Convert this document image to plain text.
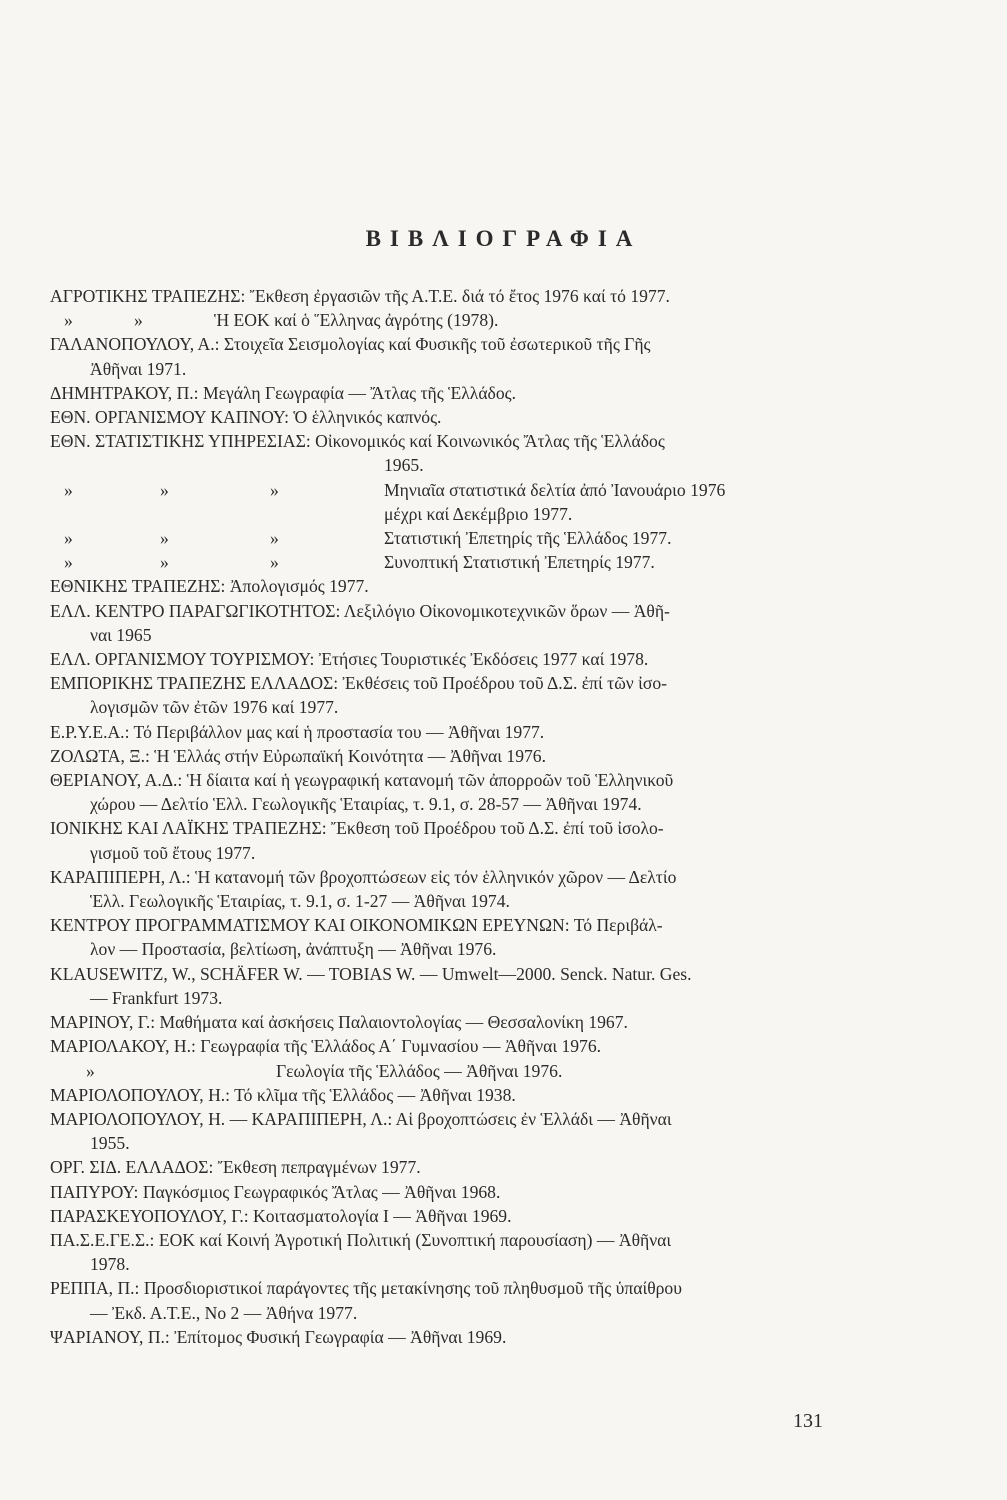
ΒΙΒΛΙΟΓΡΑΦΙΑ
ΑΓΡΟΤΙΚΗΣ ΤΡΑΠΕΖΗΣ: Ἔκθεση ἐργασιῶν τῆς Α.Τ.Ε. διά τό ἔτος 1976 καί τό 1977.
»	»	Ἡ ΕΟΚ καί ὁ Ἕλληνας ἀγρότης (1978).
ΓΑΛΑΝΟΠΟΥΛΟΥ, Α.: Στοιχεῖα Σεισμολογίας καί Φυσικῆς τοῦ ἐσωτερικοῦ τῆς Γῆς
Ἀθῆναι 1971.
ΔΗΜΗΤΡΑΚΟΥ, Π.: Μεγάλη Γεωγραφία — Ἄτλας τῆς Ἑλλάδος.
ΕΘΝ. ΟΡΓΑΝΙΣΜΟΥ ΚΑΠΝΟΥ: Ὁ ἑλληνικός καπνός.
ΕΘΝ. ΣΤΑΤΙΣΤΙΚΗΣ ΥΠΗΡΕΣΙΑΣ: Οἰκονομικός καί Κοινωνικός Ἄτλας τῆς Ἑλλάδος
1965.
»	»	»	Μηνιαῖα στατιστικά δελτία ἀπό Ἰανουάριο 1976
μέχρι καί Δεκέμβριο 1977.
»	»	»	Στατιστική Ἐπετηρίς τῆς Ἑλλάδος 1977.
»	»	»	Συνοπτική Στατιστική Ἐπετηρίς 1977.
ΕΘΝΙΚΗΣ ΤΡΑΠΕΖΗΣ: Ἀπολογισμός 1977.
ΕΛΛ. ΚΕΝΤΡΟ ΠΑΡΑΓΩΓΙΚΟΤΗΤΟΣ: Λεξιλόγιο Οἰκονομικοτεχνικῶν ὅρων — Ἀθῆ-
ναι 1965
ΕΛΛ. ΟΡΓΑΝΙΣΜΟΥ ΤΟΥΡΙΣΜΟΥ: Ἐτήσιες Τουριστικές Ἐκδόσεις 1977 καί 1978.
ΕΜΠΟΡΙΚΗΣ ΤΡΑΠΕΖΗΣ ΕΛΛΑΔΟΣ: Ἐκθέσεις τοῦ Προέδρου τοῦ Δ.Σ. ἐπί τῶν ἰσο-
λογισμῶν τῶν ἐτῶν 1976 καί 1977.
Ε.Ρ.Υ.Ε.Α.: Τό Περιβάλλον μας καί ἡ προστασία του — Ἀθῆναι 1977.
ΖΟΛΩΤΑ, Ξ.: Ἡ Ἑλλάς στήν Εὐρωπαϊκή Κοινότητα — Ἀθῆναι 1976.
ΘΕΡΙΑΝΟΥ, Α.Δ.: Ἡ δίαιτα καί ἡ γεωγραφική κατανομή τῶν ἀπορροῶν τοῦ Ἑλληνικοῦ
χώρου — Δελτίο Ἑλλ. Γεωλογικῆς Ἑταιρίας, τ. 9.1, σ. 28-57 — Ἀθῆναι 1974.
ΙΟΝΙΚΗΣ ΚΑΙ ΛΑΪΚΗΣ ΤΡΑΠΕΖΗΣ: Ἔκθεση τοῦ Προέδρου τοῦ Δ.Σ. ἐπί τοῦ ἰσολο-
γισμοῦ τοῦ ἔτους 1977.
ΚΑΡΑΠΙΠΕΡΗ, Λ.: Ἡ κατανομή τῶν βροχοπτώσεων εἰς τόν ἑλληνικόν χῶρον — Δελτίο
Ἑλλ. Γεωλογικῆς Ἑταιρίας, τ. 9.1, σ. 1-27 — Ἀθῆναι 1974.
ΚΕΝΤΡΟΥ ΠΡΟΓΡΑΜΜΑΤΙΣΜΟΥ ΚΑΙ ΟΙΚΟΝΟΜΙΚΩΝ ΕΡΕΥΝΩΝ: Τό Περιβάλ-
λον — Προστασία, βελτίωση, ἀνάπτυξη — Ἀθῆναι 1976.
KLAUSEWITZ, W., SCHÄFER W. — TOBIAS W. — Umwelt—2000. Senck. Natur. Ges.
— Frankfurt 1973.
ΜΑΡΙΝΟΥ, Γ.: Μαθήματα καί ἀσκήσεις Παλαιοντολογίας — Θεσσαλονίκη 1967.
ΜΑΡΙΟΛΑΚΟΥ, Η.: Γεωγραφία τῆς Ἑλλάδος Α΄ Γυμνασίου — Ἀθῆναι 1976.
»	Γεωλογία τῆς Ἑλλάδος — Ἀθῆναι 1976.
ΜΑΡΙΟΛΟΠΟΥΛΟΥ, Η.: Τό κλῖμα τῆς Ἑλλάδος — Ἀθῆναι 1938.
ΜΑΡΙΟΛΟΠΟΥΛΟΥ, Η. — ΚΑΡΑΠΙΠΕΡΗ, Λ.: Αἱ βροχοπτώσεις ἐν Ἑλλάδι — Ἀθῆναι
1955.
ΟΡΓ. ΣΙΔ. ΕΛΛΑΔΟΣ: Ἔκθεση πεπραγμένων 1977.
ΠΑΠΥΡΟΥ: Παγκόσμιος Γεωγραφικός Ἄτλας — Ἀθῆναι 1968.
ΠΑΡΑΣΚΕΥΟΠΟΥΛΟΥ, Γ.: Κοιτασματολογία Ι — Ἀθῆναι 1969.
ΠΑ.Σ.Ε.ΓΕ.Σ.: ΕΟΚ καί Κοινή Ἀγροτική Πολιτική (Συνοπτική παρουσίαση) — Ἀθῆναι
1978.
ΡΕΠΠΑ, Π.: Προσδιοριστικοί παράγοντες τῆς μετακίνησης τοῦ πληθυσμοῦ τῆς ὑπαίθρου
— Ἐκδ. Α.Τ.Ε., Νο 2 — Ἀθήνα 1977.
ΨΑΡΙΑΝΟΥ, Π.: Ἐπίτομος Φυσική Γεωγραφία — Ἀθῆναι 1969.
131
